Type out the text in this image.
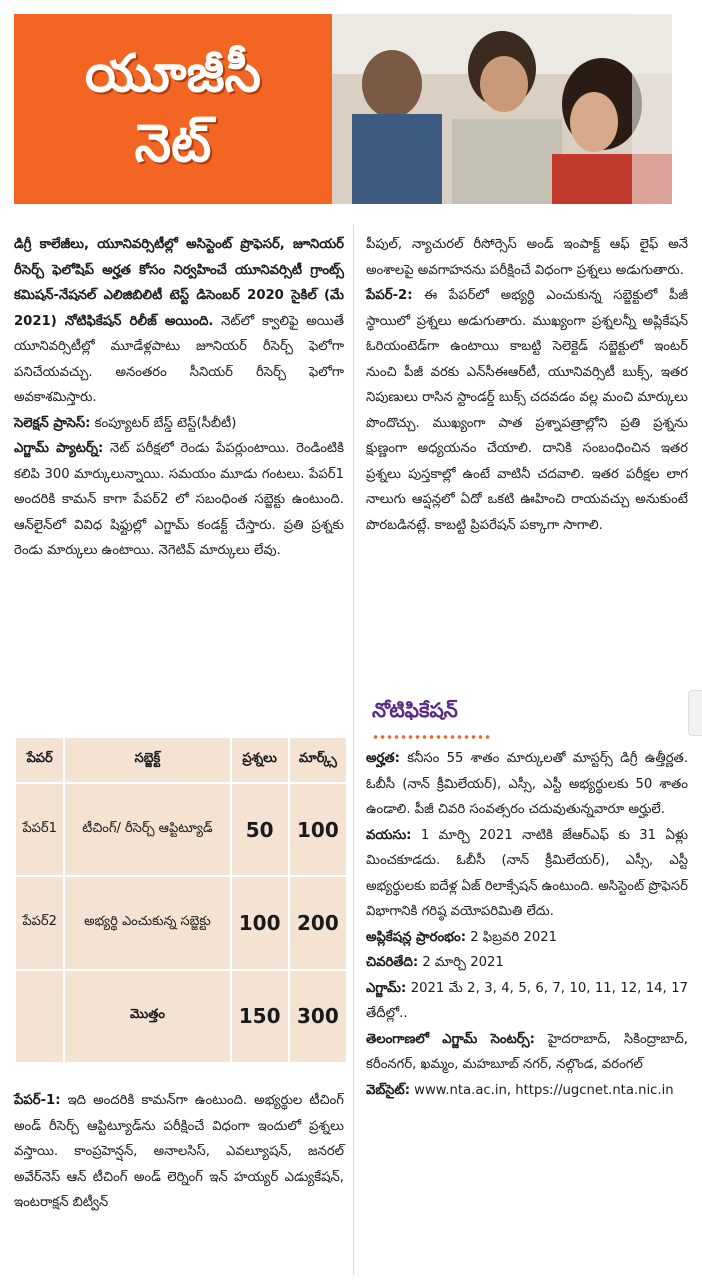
యూజీసీ
నెట్

డిగ్రీ కాలేజీలు, యూనివర్సిటీల్లో అసిస్టెంట్ ప్రొఫెసర్, జూనియర్ రీసెర్చ్ ఫెలోషిప్ అర్హత కోసం నిర్వహించే యూనివర్సిటీ గ్రాంట్స్ కమిషన్-నేషనల్ ఎలిజిబిలిటీ టెస్ట్ డిసెంబర్ 2020 సైకిల్ (మే 2021) నోటిఫికేషన్ రిలీజ్ అయింది. నెట్‌లో క్వాలిఫై అయితే యూనివర్సిటీల్లో మూడేళ్లపాటు జూనియర్ రీసెర్చ్ ఫెలోగా పనిచేయవచ్చు. అనంతరం సీనియర్ రీసెర్చ్ ఫెలోగా అవకాశమిస్తారు.

సెలెక్షన్ ప్రాసెస్: కంప్యూటర్ బేస్డ్ టెస్ట్(సీబీటీ)

ఎగ్జామ్ ప్యాటర్న్: నెట్ పరీక్షలో రెండు పేపర్లుంటాయి. రెండింటికి కలిపి 300 మార్కులున్నాయి. సమయం మూడు గంటలు. పేపర్1 అందరికి కామన్ కాగా పేపర్2 లో సబంధింత సబ్జెక్టు ఉంటుంది. ఆన్‌లైన్‌లో వివిధ షిఫ్టుల్లో ఎగ్జామ్ కండక్ట్ చేస్తారు. ప్రతి ప్రశ్నకు రెండు మార్కులు ఉంటాయి. నెగెటివ్ మార్కులు లేవు.

పేపర్	సబ్జెక్ట్	ప్రశ్నలు	మార్క్స్
పేపర్1	టీచింగ్/ రీసెర్చ్ ఆప్టిట్యూడ్	50	100
పేపర్2	అభ్యర్థి ఎంచుకున్న సబ్జెక్టు	100	200
	మొత్తం	150	300

పేపర్-1: ఇది అందరికి కామన్‌గా ఉంటుంది. అభ్యర్థుల టీచింగ్ అండ్ రీసెర్చ్ ఆప్టిట్యూడ్‌ను పరీక్షించే విధంగా ఇందులో ప్రశ్నలు వస్తాయి. కాంప్రహెన్షన్, అనాలసిస్, ఎవల్యూషన్, జనరల్ అవేర్‌నెస్ ఆన్ టీచింగ్ అండ్ లెర్నింగ్ ఇన్ హయ్యర్ ఎడ్యుకేషన్, ఇంటరాక్షన్ బిట్వీన్

పీపుల్, న్యాచురల్ రీసోర్సెస్ అండ్ ఇంపాక్ట్ ఆఫ్ లైఫ్ అనే అంశాలపై అవగాహనను పరీక్షించే విధంగా ప్రశ్నలు అడుగుతారు.

పేపర్-2: ఈ పేపర్‌లో అభ్యర్థి ఎంచుకున్న సబ్జెక్టులో పీజీ స్థాయిలో ప్రశ్నలు అడుగుతారు. ముఖ్యంగా ప్రశ్నలన్నీ అప్లికేషన్ ఓరియంటెడ్‌గా ఉంటాయి కాబట్టి సెలెక్టెడ్ సబ్జెక్టులో ఇంటర్ నుంచి పీజీ వరకు ఎన్‌సీఈఆర్‌టీ, యూనివర్సిటీ బుక్స్, ఇతర నిపుణులు రాసిన స్టాండర్డ్ బుక్స్ చదవడం వల్ల మంచి మార్కులు పొందొచ్చు. ముఖ్యంగా పాత ప్రశ్నాపత్రాల్లోని ప్రతి ప్రశ్నను క్షుణ్ణంగా అధ్యయనం చేయాలి. దానికి సంబంధించిన ఇతర ప్రశ్నలు పుస్తకాల్లో ఉంటే వాటినీ చదవాలి. ఇతర పరీక్షల లాగ నాలుగు ఆప్షన్లలో ఏదో ఒకటి ఊహించి రాయవచ్చు అనుకుంటే పొరబడినట్లే. కాబట్టి ప్రిపరేషన్ పక్కాగా సాగాలి.

నోటిఫికేషన్

అర్హత: కనీసం 55 శాతం మార్కులతో మాస్టర్స్ డిగ్రీ ఉత్తీర్ణత. ఓబీసీ (నాన్ క్రీమిలేయర్), ఎస్సీ, ఎస్టీ అభ్యర్థులకు 50 శాతం ఉండాలి. పీజీ చివరి సంవత్సరం చదువుతున్నవారూ అర్హులే.

వయసు: 1 మార్చి 2021 నాటికి జేఆర్ఎఫ్ కు 31 ఏళ్లు మించకూడదు. ఓబీసీ (నాన్ క్రీమిలేయర్), ఎస్సీ, ఎస్టీ అభ్యర్థులకు ఐదేళ్ల ఏజ్ రిలాక్సేషన్ ఉంటుంది. అసిస్టెంట్ ప్రొఫెసర్ విభాగానికి గరిష్ఠ వయోపరిమితి లేదు.

అప్లికేషన్ల ప్రారంభం: 2 ఫిబ్రవరి 2021

చివరితేది: 2 మార్చి 2021

ఎగ్జామ్: 2021 మే 2, 3, 4, 5, 6, 7, 10, 11, 12, 14, 17 తేదీల్లో..

తెలంగాణలో ఎగ్జామ్ సెంటర్స్: హైదరాబాద్, సికింద్రాబాద్, కరీంనగర్, ఖమ్మం, మహబూబ్ నగర్, నల్గొండ, వరంగల్

వెబ్‌సైట్: www.nta.ac.in, https://ugcnet.nta.nic.in
